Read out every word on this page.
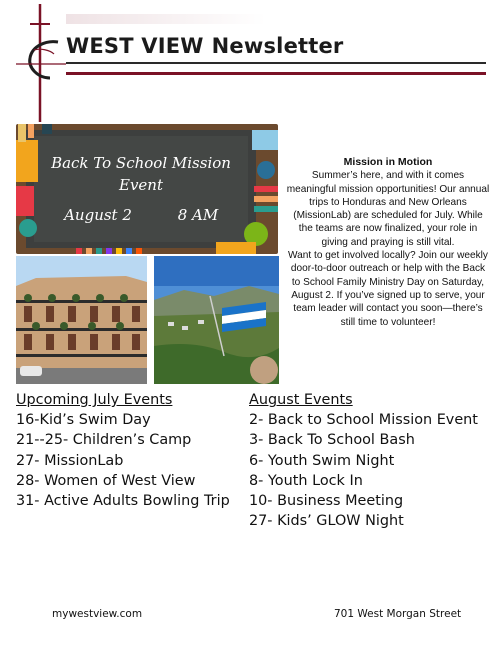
WEST VIEW Newsletter
Back To School Mission
Event
August 2	8 AM
Mission in Motion

Summer’s here, and with it comes meaningful mission opportunities! Our annual trips to Honduras and New Orleans (MissionLab) are scheduled for July. While the teams are now finalized, your role in giving and praying is still vital.

Want to get involved locally? Join our weekly door-to-door outreach or help with the Back to School Family Ministry Day on Saturday, August 2. If you’ve signed up to serve, your team leader will contact you soon—there’s still time to volunteer!

Upcoming July Events
16-Kid’s Swim Day
21--25- Children’s Camp
27- MissionLab
28- Women of West View
31- Active Adults Bowling Trip
August Events
2- Back to School Mission Event
3- Back To School Bash
6- Youth Swim Night
8- Youth Lock In
10- Business Meeting
27- Kids’ GLOW Night
mywestview.com	701 West Morgan Street
